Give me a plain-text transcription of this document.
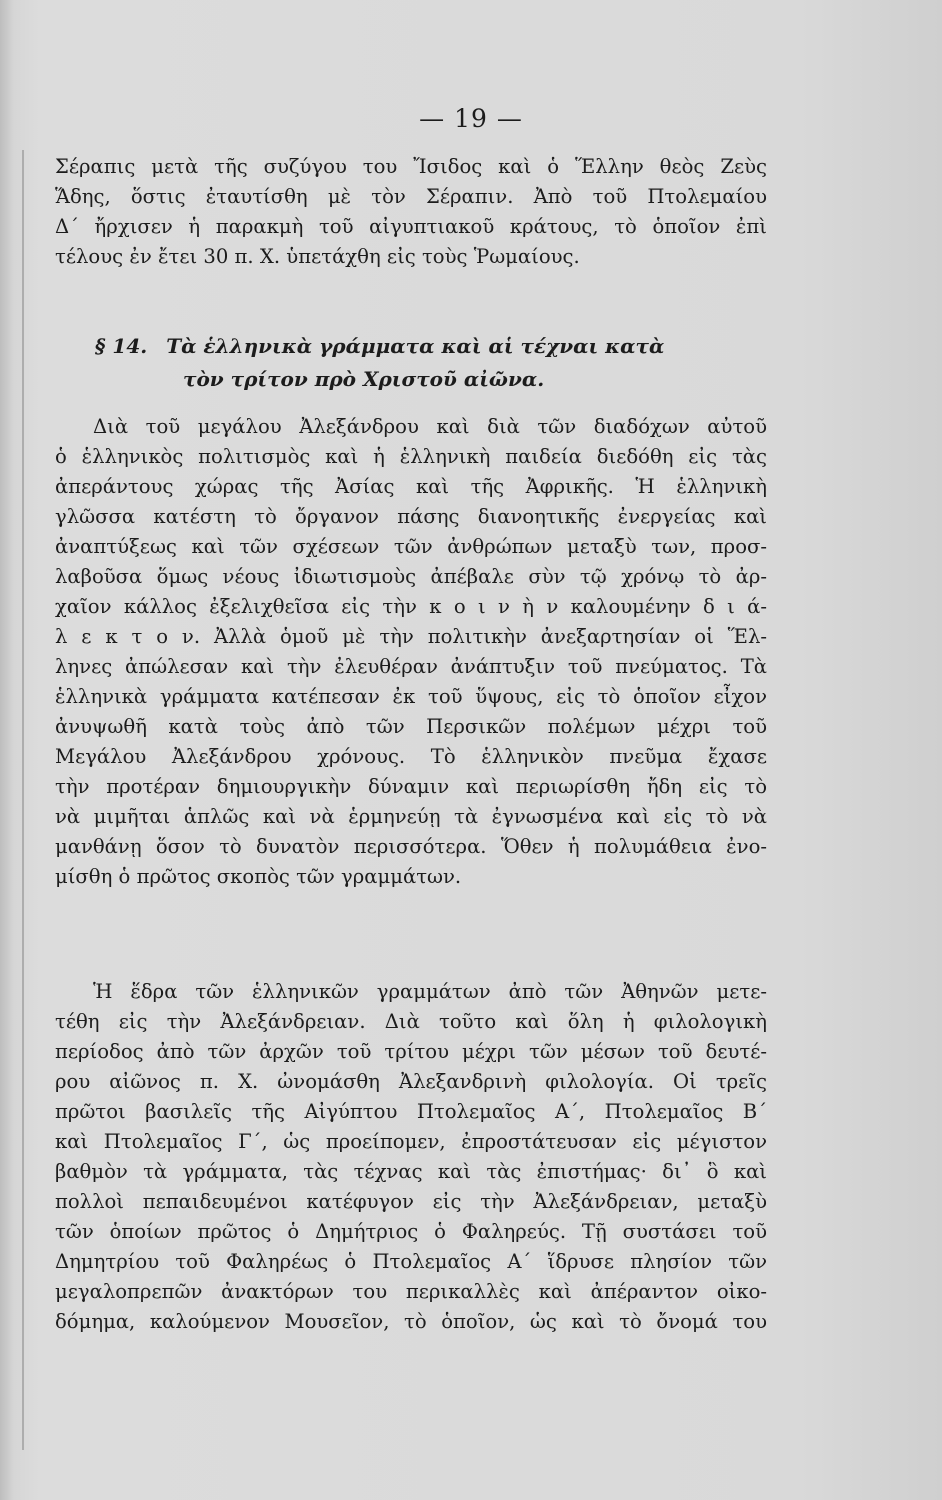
— 19 —
Σέραπις μετὰ τῆς συζύγου του Ἴσιδος καὶ ὁ Ἕλλην θεὸς Ζεὺς
Ἅδης, ὅστις ἐταυτίσθη μὲ τὸν Σέραπιν. Ἀπὸ τοῦ Πτολεμαίου
Δ΄ ἤρχισεν ἡ παρακμὴ τοῦ αἰγυπτιακοῦ κράτους, τὸ ὁποῖον ἐπὶ
τέλους ἐν ἔτει 30 π. Χ. ὑπετάχθη εἰς τοὺς Ῥωμαίους.
§ 14. Τὰ ἑλληνικὰ γράμματα καὶ αἱ τέχναι κατὰ
τὸν τρίτον πρὸ Χριστοῦ αἰῶνα.
Διὰ τοῦ μεγάλου Ἀλεξάνδρου καὶ διὰ τῶν διαδόχων αὐτοῦ
ὁ ἑλληνικὸς πολιτισμὸς καὶ ἡ ἑλληνικὴ παιδεία διεδόθη εἰς τὰς
ἀπεράντους χώρας τῆς Ἀσίας καὶ τῆς Ἀφρικῆς. Ἡ ἑλληνικὴ
γλῶσσα κατέστη τὸ ὄργανον πάσης διανοητικῆς ἐνεργείας καὶ
ἀναπτύξεως καὶ τῶν σχέσεων τῶν ἀνθρώπων μεταξὺ των, προσ-
λαβοῦσα ὅμως νέους ἰδιωτισμοὺς ἀπέβαλε σὺν τῷ χρόνῳ τὸ ἀρ-
χαῖον κάλλος ἐξελιχθεῖσα εἰς τὴν κ ο ι ν ὴ ν καλουμένην δ ι ά-
λ ε κ τ ο ν. Ἀλλὰ ὁμοῦ μὲ τὴν πολιτικὴν ἀνεξαρτησίαν οἱ Ἕλ-
ληνες ἀπώλεσαν καὶ τὴν ἐλευθέραν ἀνάπτυξιν τοῦ πνεύματος. Τὰ
ἑλληνικὰ γράμματα κατέπεσαν ἐκ τοῦ ὕψους, εἰς τὸ ὁποῖον εἶχον
ἀνυψωθῆ κατὰ τοὺς ἀπὸ τῶν Περσικῶν πολέμων μέχρι τοῦ
Μεγάλου Ἀλεξάνδρου χρόνους. Τὸ ἑλληνικὸν πνεῦμα ἔχασε
τὴν προτέραν δημιουργικὴν δύναμιν καὶ περιωρίσθη ἤδη εἰς τὸ
νὰ μιμῆται ἁπλῶς καὶ νὰ ἑρμηνεύῃ τὰ ἐγνωσμένα καὶ εἰς τὸ νὰ
μανθάνῃ ὅσον τὸ δυνατὸν περισσότερα. Ὅθεν ἡ πολυμάθεια ἐνο-
μίσθη ὁ πρῶτος σκοπὸς τῶν γραμμάτων.
Ἡ ἕδρα τῶν ἑλληνικῶν γραμμάτων ἀπὸ τῶν Ἀθηνῶν μετε-
τέθη εἰς τὴν Ἀλεξάνδρειαν. Διὰ τοῦτο καὶ ὅλη ἡ φιλολογικὴ
περίοδος ἀπὸ τῶν ἀρχῶν τοῦ τρίτου μέχρι τῶν μέσων τοῦ δευτέ-
ρου αἰῶνος π. Χ. ὠνομάσθη Ἀλεξανδρινὴ φιλολογία. Οἱ τρεῖς
πρῶτοι βασιλεῖς τῆς Αἰγύπτου Πτολεμαῖος Α΄, Πτολεμαῖος Β΄
καὶ Πτολεμαῖος Γ΄, ὡς προείπομεν, ἐπροστάτευσαν εἰς μέγιστον
βαθμὸν τὰ γράμματα, τὰς τέχνας καὶ τὰς ἐπιστήμας· δι᾽ ὃ καὶ
πολλοὶ πεπαιδευμένοι κατέφυγον εἰς τὴν Ἀλεξάνδρειαν, μεταξὺ
τῶν ὁποίων πρῶτος ὁ Δημήτριος ὁ Φαληρεύς. Τῇ συστάσει τοῦ
Δημητρίου τοῦ Φαληρέως ὁ Πτολεμαῖος Α΄ ἵδρυσε πλησίον τῶν
μεγαλοπρεπῶν ἀνακτόρων του περικαλλὲς καὶ ἀπέραντον οἰκο-
δόμημα, καλούμενον Μουσεῖον, τὸ ὁποῖον, ὡς καὶ τὸ ὄνομά του
